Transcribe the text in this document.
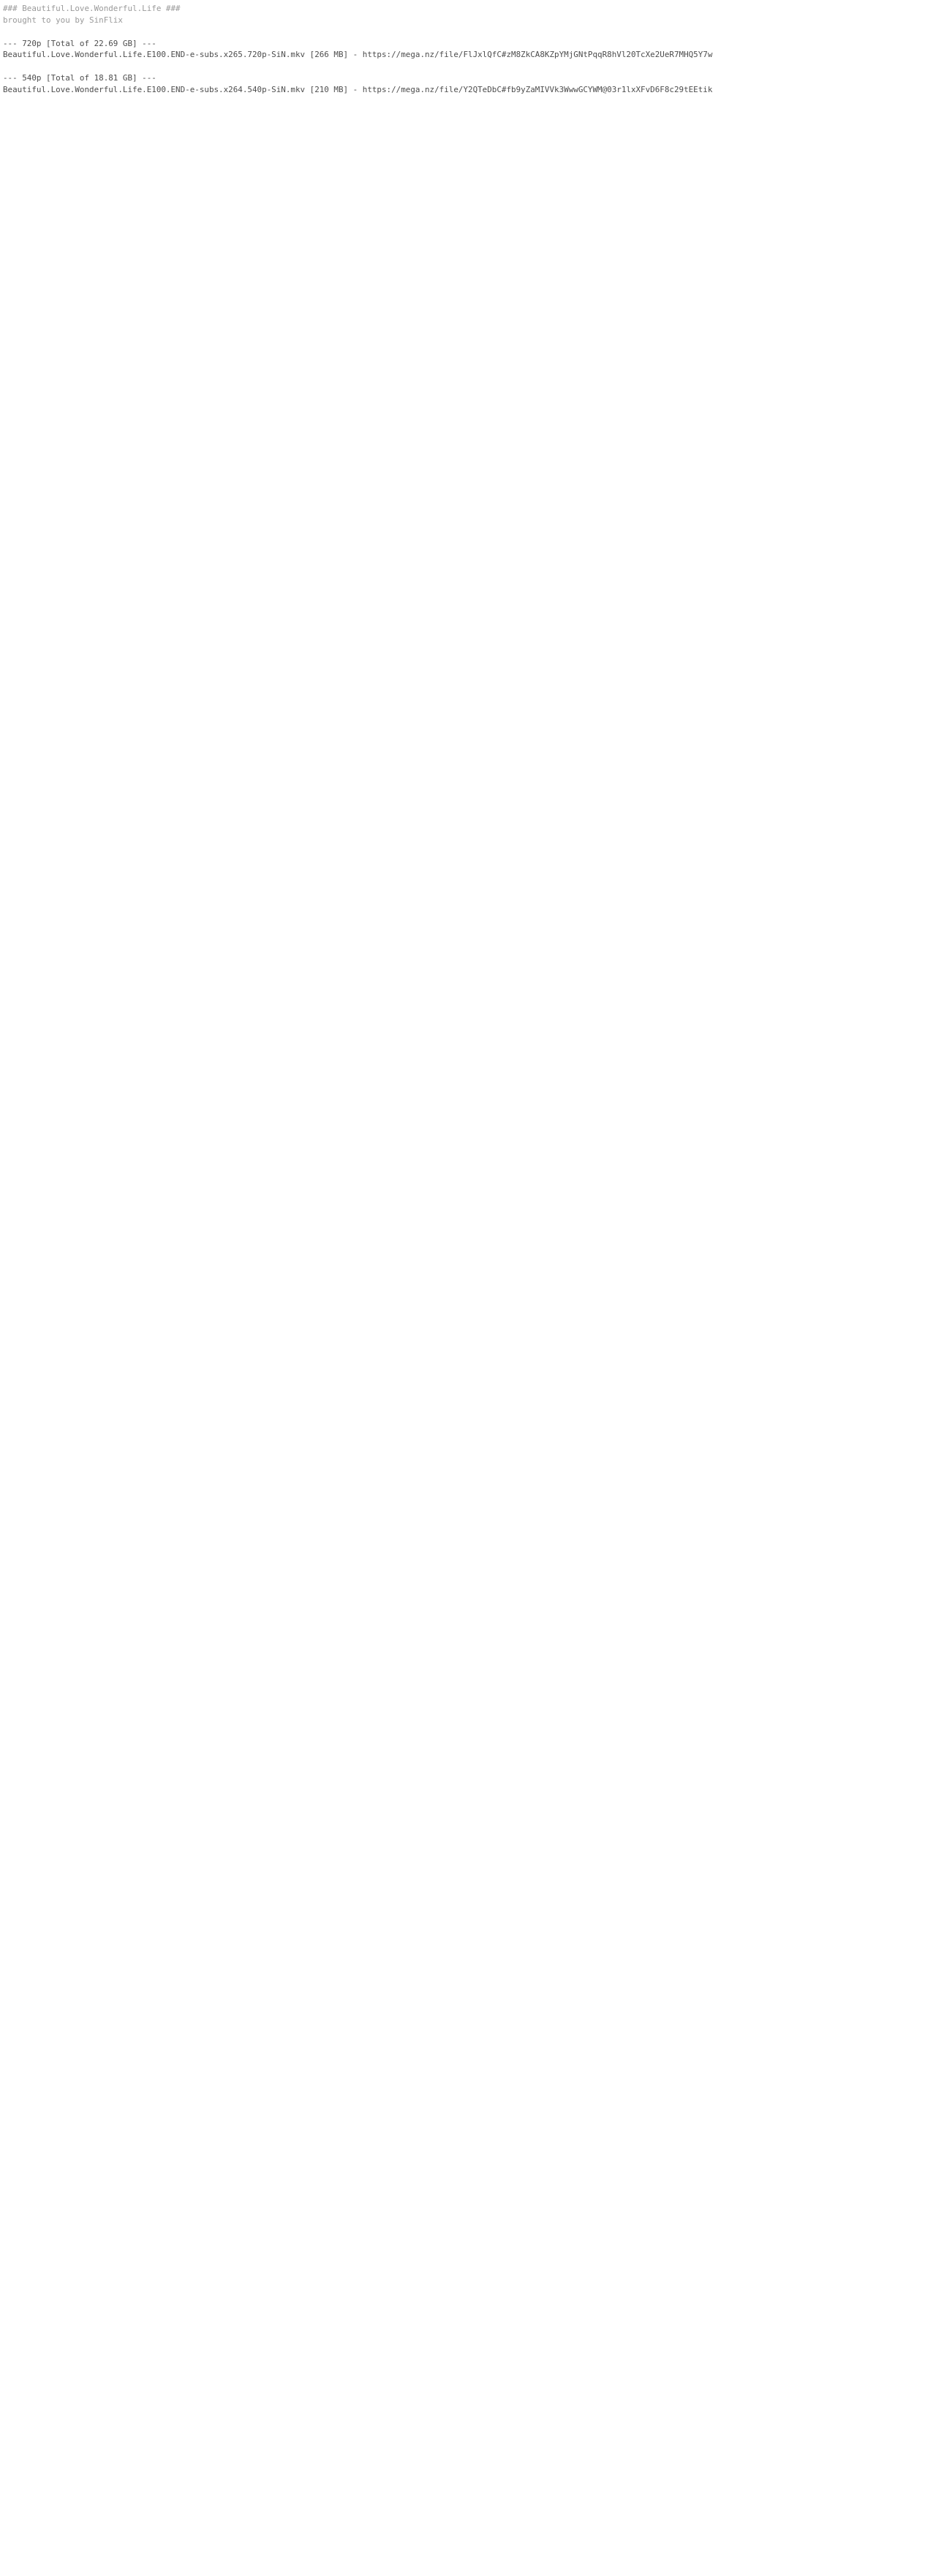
### Beautiful.Love.Wonderful.Life ###
brought to you by SinFlix
--- 720p [Total of 22.69 GB] ---
Beautiful.Love.Wonderful.Life.E100.END-e-subs.x265.720p-SiN.mkv [266 MB] - https://mega.nz/file/FlJxlQfC#zM8ZkCA8KZpYMjGNtPqqR8hVl20TcXe2UeR7MHQ5Y7w
--- 540p [Total of 18.81 GB] ---
Beautiful.Love.Wonderful.Life.E100.END-e-subs.x264.540p-SiN.mkv [210 MB] - https://mega.nz/file/Y2QTeDbC#fb9yZaMIVVk3WwwGCYWM@03r1lxXFvD6F8c29tEEtik
